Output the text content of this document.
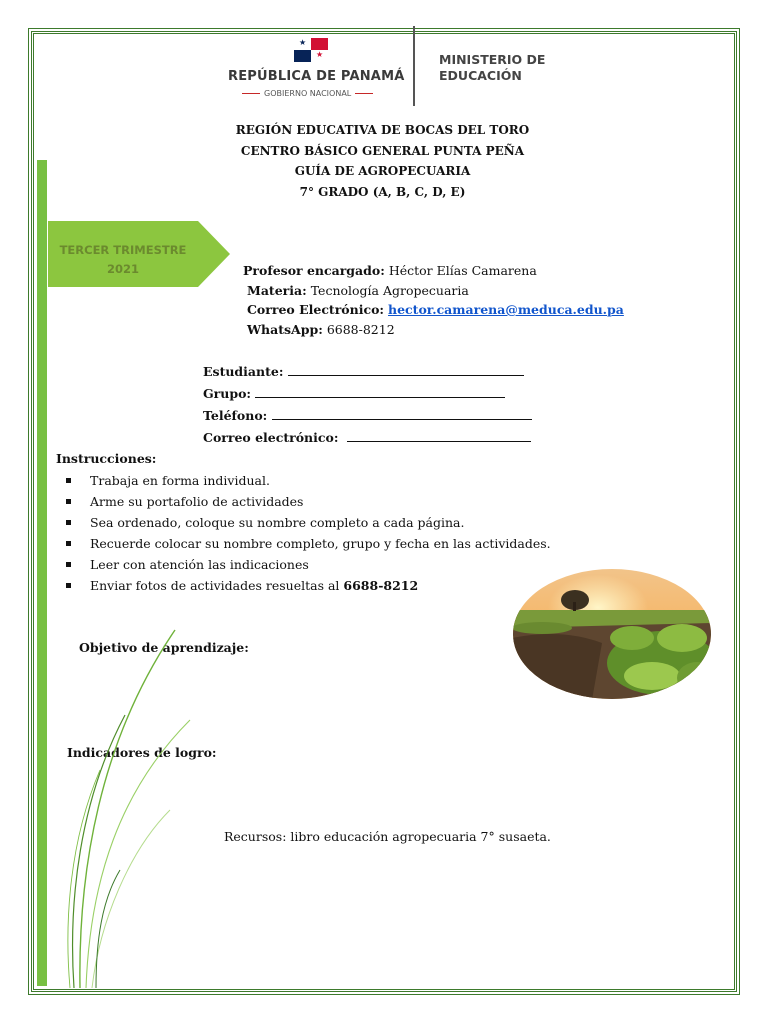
★
★
REPÚBLICA DE PANAMÁ
GOBIERNO NACIONAL
MINISTERIO DE
EDUCACIÓN
REGIÓN EDUCATIVA DE BOCAS DEL TORO
CENTRO BÁSICO GENERAL PUNTA PEÑA
GUÍA DE AGROPECUARIA
7° GRADO (A, B, C, D, E)
TERCER TRIMESTRE
2021	Profesor encargado: Héctor Elías Camarena
Materia: Tecnología Agropecuaria
Correo Electrónico: hector.camarena@meduca.edu.pa
WhatsApp: 6688-8212
Estudiante:
Grupo:
Teléfono:
Correo electrónico:
Instrucciones:
Trabaja en forma individual.
Arme su portafolio de actividades
Sea ordenado, coloque su nombre completo a cada página.
Recuerde colocar su nombre completo, grupo y fecha en las actividades.
Leer con atención las indicaciones
Enviar fotos de actividades resueltas al 6688-8212
Objetivo de aprendizaje:
Indicadores de logro:
Recursos: libro educación agropecuaria 7° susaeta.
